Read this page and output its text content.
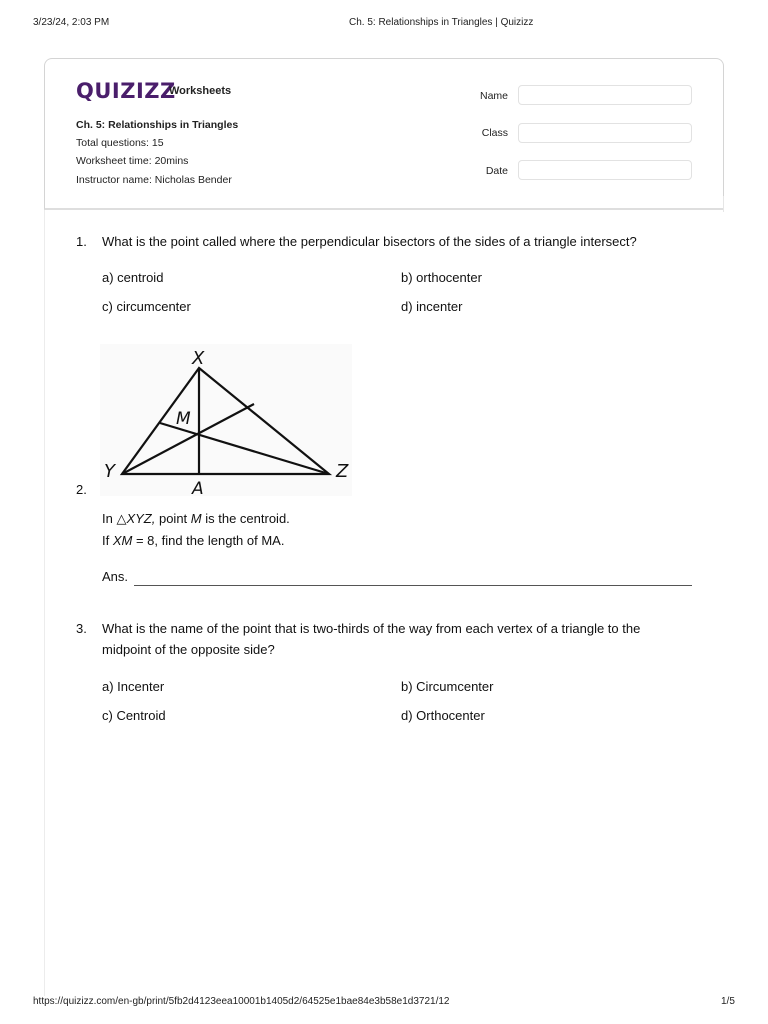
3/23/24, 2:03 PM	Ch. 5: Relationships in Triangles | Quizizz
QUIZIZZ
Worksheets
Ch. 5: Relationships in Triangles
Total questions: 15
Worksheet time: 20mins
Instructor name: Nicholas Bender
Name
Class
Date
1. What is the point called where the perpendicular bisectors of the sides of a triangle intersect?
a) centroid	b) orthocenter
c) circumcenter	d) incenter
X
Y	Z
M
A
2.
In △XYZ, point M is the centroid.
If XM = 8, find the length of MA.
Ans.
3. What is the name of the point that is two-thirds of the way from each vertex of a triangle to the
midpoint of the opposite side?
a) Incenter	b) Circumcenter
c) Centroid	d) Orthocenter
https://quizizz.com/en-gb/print/5fb2d4123eea10001b1405d2/64525e1bae84e3b58e1d3721/12	1/5
